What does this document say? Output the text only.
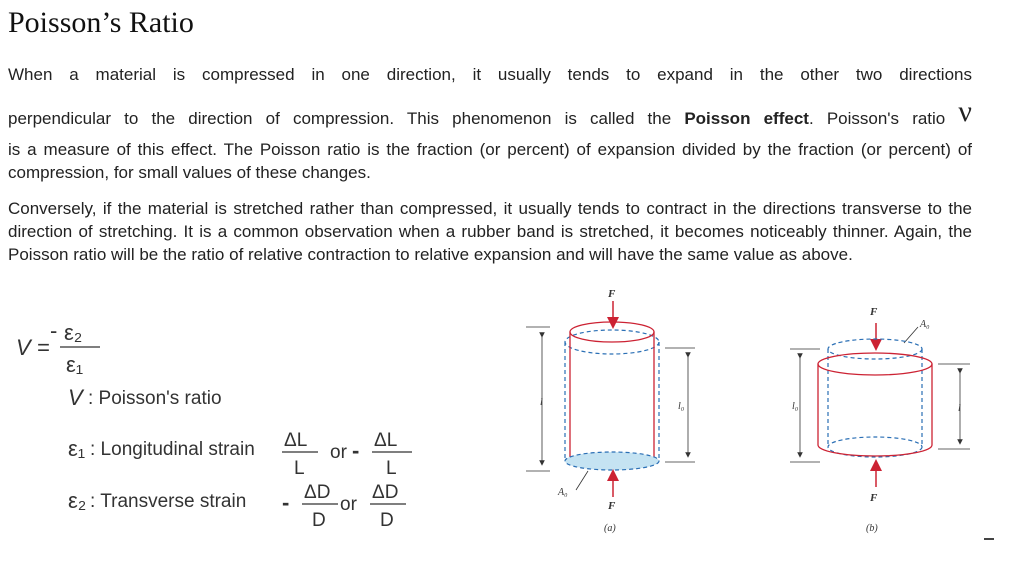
Poisson’s Ratio

When a material is compressed in one direction, it usually tends to expand in the other two directions

perpendicular to the direction of compression. This phenomenon is called the Poisson effect. Poisson's ratio ν

is a measure of this effect. The Poisson ratio is the fraction (or percent) of expansion divided by the fraction (or percent) of compression, for small values of these changes.

Conversely, if the material is stretched rather than compressed, it usually tends to contract in the directions transverse to the direction of stretching. It is a common observation when a rubber band is stretched, it becomes noticeably thinner. Again, the Poisson ratio will be the ratio of relative contraction to relative expansion and will have the same value as above.

V =
- ε₂
ε₁
V : Poisson's ratio
ε₁ : Longitudinal strain ΔL
L
or - ΔL
L
ε₂ : Transverse strain - ΔD
D
or
ΔD
D
F
l	l₀
F
A₀
(a)
F
A₀
l₀	l
F
(b)
